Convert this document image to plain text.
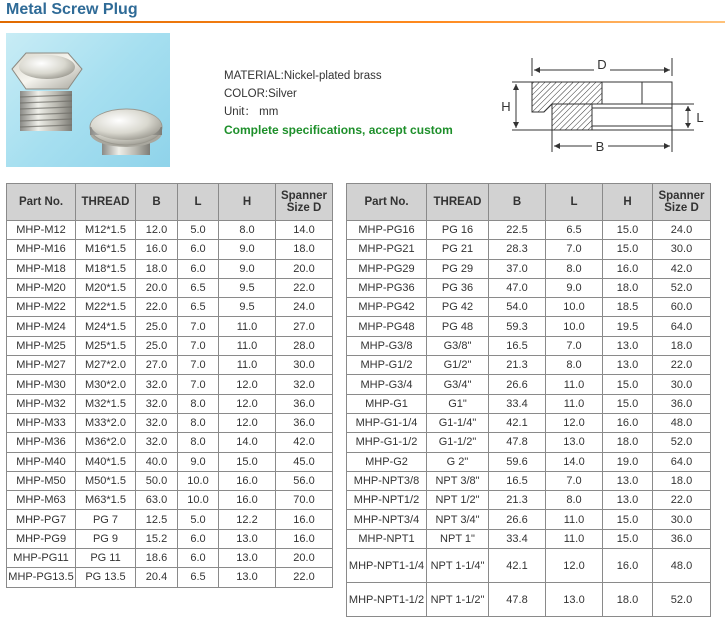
Metal Screw Plug
MATERIAL:Nickel-plated brass
COLOR:Silver
Unit： mm
Complete specifications, accept custom
D
H
L
B
Part No.	THREAD	B	L	H	Spanner
Size D
MHP-M12	M12*1.5	12.0	5.0	8.0	14.0
MHP-M16	M16*1.5	16.0	6.0	9.0	18.0
MHP-M18	M18*1.5	18.0	6.0	9.0	20.0
MHP-M20	M20*1.5	20.0	6.5	9.5	22.0
MHP-M22	M22*1.5	22.0	6.5	9.5	24.0
MHP-M24	M24*1.5	25.0	7.0	11.0	27.0
MHP-M25	M25*1.5	25.0	7.0	11.0	28.0
MHP-M27	M27*2.0	27.0	7.0	11.0	30.0
MHP-M30	M30*2.0	32.0	7.0	12.0	32.0
MHP-M32	M32*1.5	32.0	8.0	12.0	36.0
MHP-M33	M33*2.0	32.0	8.0	12.0	36.0
MHP-M36	M36*2.0	32.0	8.0	14.0	42.0
MHP-M40	M40*1.5	40.0	9.0	15.0	45.0
MHP-M50	M50*1.5	50.0	10.0	16.0	56.0
MHP-M63	M63*1.5	63.0	10.0	16.0	70.0
MHP-PG7	PG 7	12.5	5.0	12.2	16.0
MHP-PG9	PG 9	15.2	6.0	13.0	16.0
MHP-PG11	PG 11	18.6	6.0	13.0	20.0
MHP-PG13.5	PG 13.5	20.4	6.5	13.0	22.0
Part No.	THREAD	B	L	H	Spanner
Size D
MHP-PG16	PG 16	22.5	6.5	15.0	24.0
MHP-PG21	PG 21	28.3	7.0	15.0	30.0
MHP-PG29	PG 29	37.0	8.0	16.0	42.0
MHP-PG36	PG 36	47.0	9.0	18.0	52.0
MHP-PG42	PG 42	54.0	10.0	18.5	60.0
MHP-PG48	PG 48	59.3	10.0	19.5	64.0
MHP-G3/8	G3/8"	16.5	7.0	13.0	18.0
MHP-G1/2	G1/2"	21.3	8.0	13.0	22.0
MHP-G3/4	G3/4"	26.6	11.0	15.0	30.0
MHP-G1	G1"	33.4	11.0	15.0	36.0
MHP-G1-1/4	G1-1/4"	42.1	12.0	16.0	48.0
MHP-G1-1/2	G1-1/2"	47.8	13.0	18.0	52.0
MHP-G2	G 2"	59.6	14.0	19.0	64.0
MHP-NPT3/8	NPT 3/8"	16.5	7.0	13.0	18.0
MHP-NPT1/2	NPT 1/2"	21.3	8.0	13.0	22.0
MHP-NPT3/4	NPT 3/4"	26.6	11.0	15.0	30.0
MHP-NPT1	NPT 1"	33.4	11.0	15.0	36.0
MHP-NPT1-1/4	NPT 1-1/4"	42.1	12.0	16.0	48.0
MHP-NPT1-1/2	NPT 1-1/2"	47.8	13.0	18.0	52.0
